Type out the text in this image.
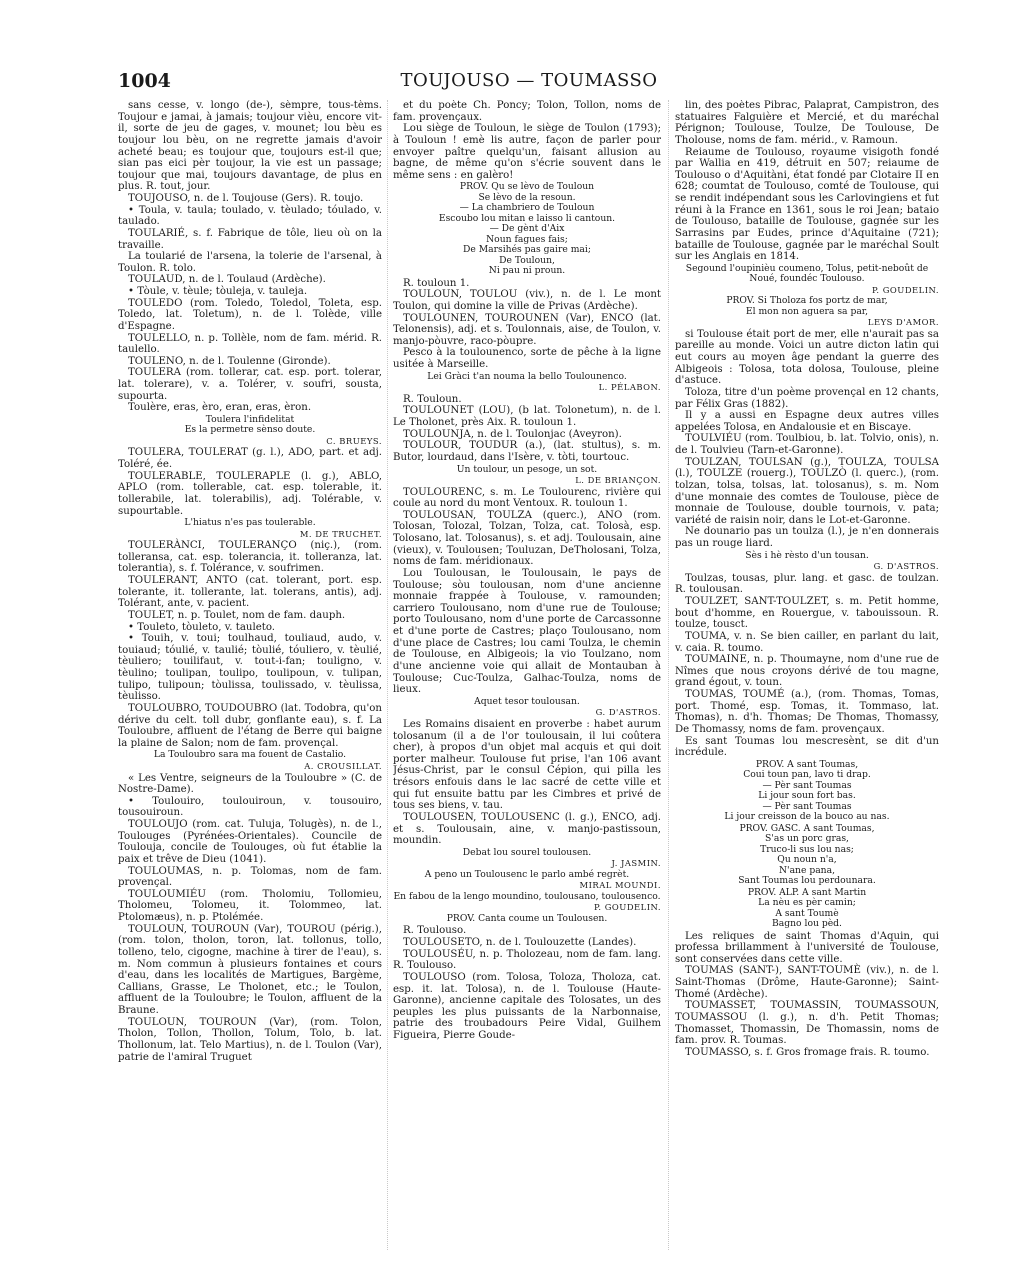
1004	TOUJOUSO — TOUMASSO

sans cesse, v. longo (de-), sèmpre, tous-tèms. Toujour e jamai, à jamais; toujour vièu, encore vit-il, sorte de jeu de gages, v. mounet; lou bèu es toujour lou bèu, on ne regrette jamais d'avoir acheté beau; es toujour que, toujours est-il que; sian pas eici pèr toujour, la vie est un passage; toujour que mai, toujours davantage, de plus en plus. R. tout, jour.

TOUJOUSO, n. de l. Toujouse (Gers). R. toujo.

• Toula, v. taula; toulado, v. tèulado; tóulado, v. taulado.

TOULARIÉ, s. f. Fabrique de tôle, lieu où on la travaille.

La toularié de l'arsena, la tolerie de l'arsenal, à Toulon. R. tolo.

TOULAUD, n. de l. Toulaud (Ardèche).

• Tòule, v. tèule; tòuleja, v. tauleja.

TOULEDO (rom. Toledo, Toledol, Toleta, esp. Toledo, lat. Toletum), n. de l. Tolède, ville d'Espagne.

TOULELLO, n. p. Tollèle, nom de fam. mérid. R. taulello.

TOULENO, n. de l. Toulenne (Gironde).

TOULERA (rom. tollerar, cat. esp. port. tolerar, lat. tolerare), v. a. Tolérer, v. soufri, sousta, supourta.

Toulère, eras, èro, eran, eras, èron.

Toulera l'infidelitat
Es la permetre sènso doute.

C. BRUEYS.

TOULERA, TOULERAT (g. l.), ADO, part. et adj. Toléré, ée.

TOULERABLE, TOULERAPLE (l. g.), ABLO, APLO (rom. tollerable, cat. esp. tolerable, it. tollerabile, lat. tolerabilis), adj. Tolérable, v. supourtable.

L'hiatus n'es pas toulerable.

M. DE TRUCHET.

TOULERÀNCI, TOULERANÇO (niç.), (rom. tolleransa, cat. esp. tolerancia, it. tolleranza, lat. tolerantia), s. f. Tolérance, v. soufrimen.

TOULERANT, ANTO (cat. tolerant, port. esp. tolerante, it. tollerante, lat. tolerans, antis), adj. Tolérant, ante, v. pacient.

TOULET, n. p. Toulet, nom de fam. dauph.

• Touleto, tòuleto, v. tauleto.

• Touih, v. toui; toulhaud, touliaud, audo, v. touiaud; tóulié, v. taulié; tòulié, tóuliero, v. tèulié, tèuliero; touilifaut, v. tout-i-fan; touligno, v. tèulino; toulipan, toulipo, toulipoun, v. tulipan, tulipo, tulipoun; tòulissa, toulissado, v. tèulissa, tèulisso.

TOULOUBRO, TOUDOUBRO (lat. Todobra, qu'on dérive du celt. toll dubr, gonflante eau), s. f. La Touloubre, affluent de l'étang de Berre qui baigne la plaine de Salon; nom de fam. provençal.

La Touloubro sara ma fouent de Castalio.

A. CROUSILLAT.

« Les Ventre, seigneurs de la Touloubre » (C. de Nostre-Dame).

• Toulouiro, toulouiroun, v. tousouiro, tousouiroun.

TOULOUJO (rom. cat. Tuluja, Tolugès), n. de l., Toulouges (Pyrénées-Orientales). Councile de Toulouja, concile de Toulouges, où fut établie la paix et trêve de Dieu (1041).

TOULOUMAS, n. p. Tolomas, nom de fam. provençal.

TOULOUMIÉU (rom. Tholomiu, Tollomieu, Tholomeu, Tolomeu, it. Tolommeo, lat. Ptolomæus), n. p. Ptolémée.

TOULOUN, TOUROUN (Var), TOUROU (périg.), (rom. tolon, tholon, toron, lat. tollonus, tollo, tolleno, telo, cigogne, machine à tirer de l'eau), s. m. Nom commun à plusieurs fontaines et cours d'eau, dans les localités de Martigues, Bargème, Callians, Grasse, Le Tholonet, etc.; le Toulon, affluent de la Touloubre; le Toulon, affluent de la Braune.

TOULOUN, TOUROUN (Var), (rom. Tolon, Tholon, Tollon, Thollon, Tolum, Tolo, b. lat. Thollonum, lat. Telo Martius), n. de l. Toulon (Var), patrie de l'amiral Truguet

et du poète Ch. Poncy; Tolon, Tollon, noms de fam. provençaux.

Lou siège de Touloun, le siège de Toulon (1793); à Touloun ! emè lis autre, façon de parler pour envoyer paître quelqu'un, faisant allusion au bagne, de même qu'on s'écrie souvent dans le même sens : en galèro!

PROV. Qu se lèvo de Touloun
Se lèvo de la resoun.
— La chambriero de Touloun
Escoubo lou mitan e laisso li cantoun.
— De gènt d'Aix
Noun fagues fais;
De Marsihés pas gaire mai;
De Touloun,
Ni pau ni proun.

R. touloun 1.

TOULOUN, TOULOU (viv.), n. de l. Le mont Toulon, qui domine la ville de Privas (Ardèche).

TOULOUNEN, TOUROUNEN (Var), ENCO (lat. Telonensis), adj. et s. Toulonnais, aise, de Toulon, v. manjo-pòuvre, raco-pòupre.

Pesco à la toulounenco, sorte de pêche à la ligne usitée à Marseille.

Lei Gràci t'an nouma la bello Toulounenco.

L. PÉLABON.

R. Touloun.

TOULOUNET (LOU), (b lat. Tolonetum), n. de l. Le Tholonet, près Aix. R. touloun 1.

TOULOUNJA, n. de l. Toulonjac (Aveyron).

TOULOUR, TOUDUR (a.), (lat. stultus), s. m. Butor, lourdaud, dans l'Isère, v. tòti, tourtouc.

Un toulour, un pesoge, un sot.

L. DE BRIANÇON.

TOULOURENC, s. m. Le Toulourenc, rivière qui coule au nord du mont Ventoux. R. touloun 1.

TOULOUSAN, TOULZA (querc.), ANO (rom. Tolosan, Tolozal, Tolzan, Tolza, cat. Tolosà, esp. Tolosano, lat. Tolosanus), s. et adj. Toulousain, aine (vieux), v. Toulousen; Touluzan, DeTholosani, Tolza, noms de fam. méridionaux.

Lou Toulousan, le Toulousain, le pays de Toulouse; sòu toulousan, nom d'une ancienne monnaie frappée à Toulouse, v. ramounden; carriero Toulousano, nom d'une rue de Toulouse; porto Toulousano, nom d'une porte de Carcassonne et d'une porte de Castres; plaço Toulousano, nom d'une place de Castres; lou cami Toulza, le chemin de Toulouse, en Albigeois; la vio Toulzano, nom d'une ancienne voie qui allait de Montauban à Toulouse; Cuc-Toulza, Galhac-Toulza, noms de lieux.

Aquet tesor toulousan.

G. D'ASTROS.

Les Romains disaient en proverbe : habet aurum tolosanum (il a de l'or toulousain, il lui coûtera cher), à propos d'un objet mal acquis et qui doit porter malheur. Toulouse fut prise, l'an 106 avant Jésus-Christ, par le consul Cépion, qui pilla les trésors enfouis dans le lac sacré de cette ville et qui fut ensuite battu par les Cimbres et privé de tous ses biens, v. tau.

TOULOUSEN, TOULOUSENC (l. g.), ENCO, adj. et s. Toulousain, aine, v. manjo-pastissoun, moundin.

Debat lou sourel toulousen.

J. JASMIN.

A peno un Toulousenc le parlo ambé regrèt.

MIRAL MOUNDI.

En fabou de la lengo moundino, toulousano, toulousenco.

P. GOUDELIN.

PROV. Canta coume un Toulousen.

R. Toulouso.

TOULOUSETO, n. de l. Toulouzette (Landes).

TOULOUSÉU, n. p. Tholozeau, nom de fam. lang. R. Toulouso.

TOULOUSO (rom. Tolosa, Toloza, Tholoza, cat. esp. it. lat. Tolosa), n. de l. Toulouse (Haute-Garonne), ancienne capitale des Tolosates, un des peuples les plus puissants de la Narbonnaise, patrie des troubadours Peire Vidal, Guilhem Figueira, Pierre Goude-

lin, des poètes Pibrac, Palaprat, Campistron, des statuaires Falguière et Mercié, et du maréchal Pérignon; Toulouse, Toulze, De Toulouse, De Tholouse, noms de fam. mérid., v. Ramoun.

Reiaume de Toulouso, royaume visigoth fondé par Wallia en 419, détruit en 507; reiaume de Toulouso o d'Aquitàni, état fondé par Clotaire II en 628; coumtat de Toulouso, comté de Toulouse, qui se rendit indépendant sous les Carlovingiens et fut réuni à la France en 1361, sous le roi Jean; bataio de Toulouso, bataille de Toulouse, gagnée sur les Sarrasins par Eudes, prince d'Aquitaine (721); bataille de Toulouse, gagnée par le maréchal Soult sur les Anglais en 1814.

Segound l'oupinièu coumeno, Tolus, petit-neboût de Noué, foundéc Toulouso.

P. GOUDELIN.

PROV. Si Tholoza fos portz de mar,
El mon non aguera sa par,

LEYS D'AMOR.

si Toulouse était port de mer, elle n'aurait pas sa pareille au monde. Voici un autre dicton latin qui eut cours au moyen âge pendant la guerre des Albigeois : Tolosa, tota dolosa, Toulouse, pleine d'astuce.

Toloza, titre d'un poème provençal en 12 chants, par Félix Gras (1882).

Il y a aussi en Espagne deux autres villes appelées Tolosa, en Andalousie et en Biscaye.

TOULVIÉU (rom. Toulbiou, b. lat. Tolvio, onis), n. de l. Toulvieu (Tarn-et-Garonne).

TOULZAN, TOULSAN (g.), TOULZA, TOULSA (l.), TOULZE (rouerg.), TOULZÒ (l. querc.), (rom. tolzan, tolsa, tolsas, lat. tolosanus), s. m. Nom d'une monnaie des comtes de Toulouse, pièce de monnaie de Toulouse, double tournois, v. pata; variété de raisin noir, dans le Lot-et-Garonne.

Ne dounario pas un toulza (l.), je n'en donnerais pas un rouge liard.

Sès i hè rèsto d'un tousan.

G. D'ASTROS.

Toulzas, tousas, plur. lang. et gasc. de toulzan. R. toulousan.

TOULZET, SANT-TOULZET, s. m. Petit homme, bout d'homme, en Rouergue, v. tabouissoun. R. toulze, tousct.

TOUMA, v. n. Se bien cailler, en parlant du lait, v. caia. R. toumo.

TOUMAINE, n. p. Thoumayne, nom d'une rue de Nîmes que nous croyons dérivé de tou magne, grand égout, v. toun.

TOUMAS, TOUMÉ (a.), (rom. Thomas, Tomas, port. Thomé, esp. Tomas, it. Tommaso, lat. Thomas), n. d'h. Thomas; De Thomas, Thomassy, De Thomassy, noms de fam. provençaux.

Es sant Toumas lou mescresènt, se dit d'un incrédule.

PROV. A sant Toumas,
Coui toun pan, lavo ti drap.
— Pèr sant Toumas
Li jour soun fort bas.
— Pèr sant Toumas
Li jour creisson de la bouco au nas.

PROV. GASC. A sant Toumas,
S'as un porc gras,
Truco-li sus lou nas;
Qu noun n'a,
N'ane pana,
Sant Toumas lou perdounara.

PROV. ALP. A sant Martin
La nèu es pèr camin;
A sant Toumè
Bagno lou pèd.

Les reliques de saint Thomas d'Aquin, qui professa brillamment à l'université de Toulouse, sont conservées dans cette ville.

TOUMAS (SANT-), SANT-TOUMÈ (viv.), n. de l. Saint-Thomas (Drôme, Haute-Garonne); Saint-Thomé (Ardèche).

TOUMASSET, TOUMASSIN, TOUMASSOUN, TOUMASSOU (l. g.), n. d'h. Petit Thomas; Thomasset, Thomassin, De Thomassin, noms de fam. prov. R. Toumas.

TOUMASSO, s. f. Gros fromage frais. R. toumo.
